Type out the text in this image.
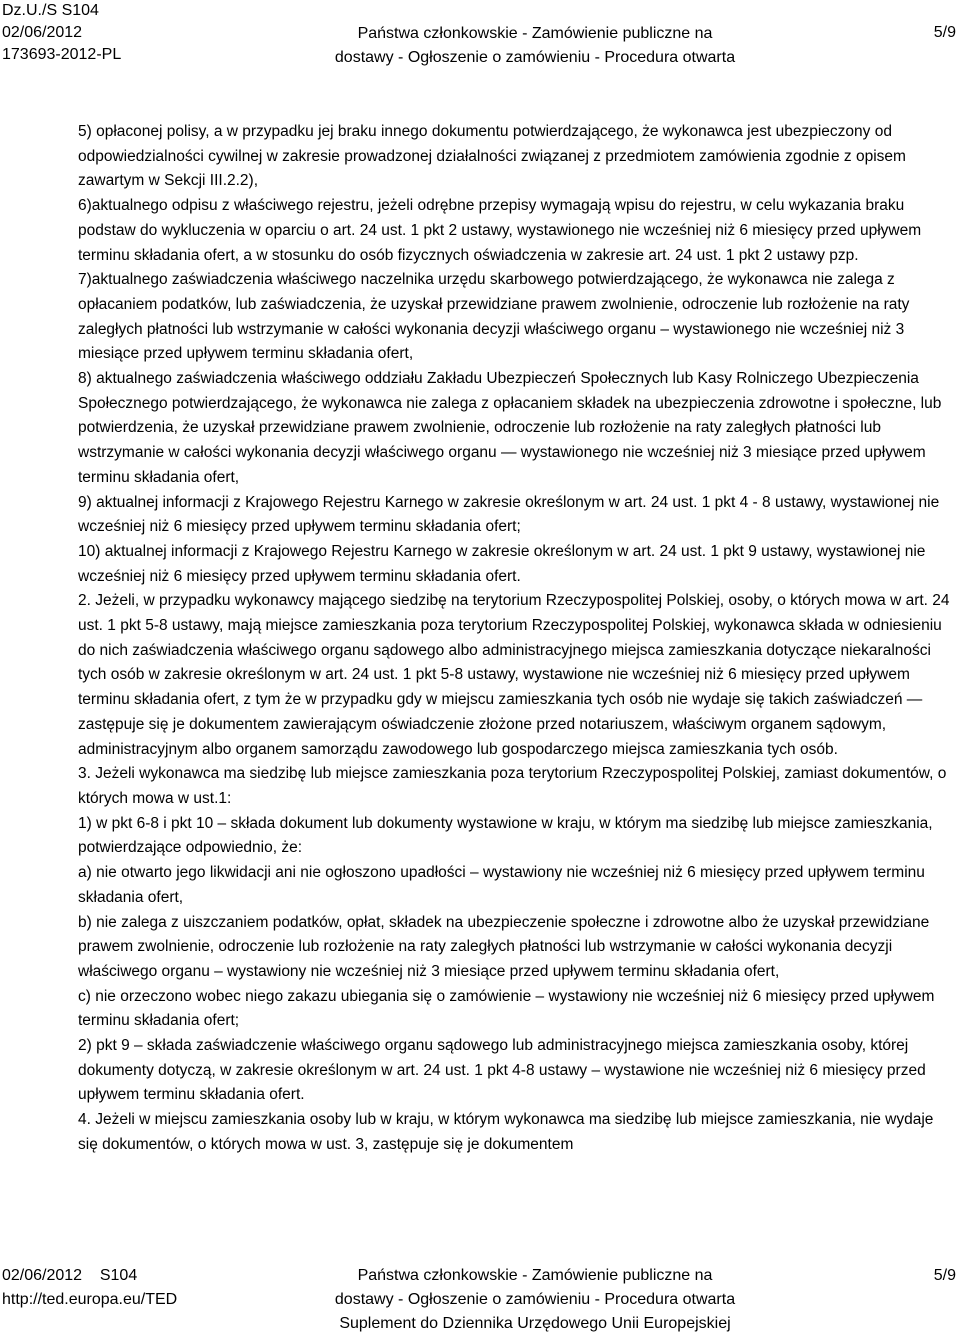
Dz.U./S S104
02/06/2012
173693-2012-PL
Państwa członkowskie - Zamówienie publiczne na
dostawy - Ogłoszenie o zamówieniu - Procedura otwarta
5/9

5) opłaconej polisy, a w przypadku jej braku innego dokumentu potwierdzającego, że wykonawca jest ubezpieczony od odpowiedzialności cywilnej w zakresie prowadzonej działalności związanej z przedmiotem zamówienia zgodnie z opisem zawartym w Sekcji III.2.2),

6)aktualnego odpisu z właściwego rejestru, jeżeli odrębne przepisy wymagają wpisu do rejestru, w celu wykazania braku podstaw do wykluczenia w oparciu o art. 24 ust. 1 pkt 2 ustawy, wystawionego nie wcześniej niż 6 miesięcy przed upływem terminu składania ofert, a w stosunku do osób fizycznych oświadczenia w zakresie art. 24 ust. 1 pkt 2 ustawy pzp.

7)aktualnego zaświadczenia właściwego naczelnika urzędu skarbowego potwierdzającego, że wykonawca nie zalega z opłacaniem podatków, lub zaświadczenia, że uzyskał przewidziane prawem zwolnienie, odroczenie lub rozłożenie na raty zaległych płatności lub wstrzymanie w całości wykonania decyzji właściwego organu – wystawionego nie wcześniej niż 3 miesiące przed upływem terminu składania ofert,

8) aktualnego zaświadczenia właściwego oddziału Zakładu Ubezpieczeń Społecznych lub Kasy Rolniczego Ubezpieczenia Społecznego potwierdzającego, że wykonawca nie zalega z opłacaniem składek na ubezpieczenia zdrowotne i społeczne, lub potwierdzenia, że uzyskał przewidziane prawem zwolnienie, odroczenie lub rozłożenie na raty zaległych płatności lub wstrzymanie w całości wykonania decyzji właściwego organu — wystawionego nie wcześniej niż 3 miesiące przed upływem terminu składania ofert,

9) aktualnej informacji z Krajowego Rejestru Karnego w zakresie określonym w art. 24 ust. 1 pkt 4 - 8 ustawy, wystawionej nie wcześniej niż 6 miesięcy przed upływem terminu składania ofert;

10) aktualnej informacji z Krajowego Rejestru Karnego w zakresie określonym w art. 24 ust. 1 pkt 9 ustawy, wystawionej nie wcześniej niż 6 miesięcy przed upływem terminu składania ofert.

2. Jeżeli, w przypadku wykonawcy mającego siedzibę na terytorium Rzeczypospolitej Polskiej, osoby, o których mowa w art. 24 ust. 1 pkt 5-8 ustawy, mają miejsce zamieszkania poza terytorium Rzeczypospolitej Polskiej, wykonawca składa w odniesieniu do nich zaświadczenia właściwego organu sądowego albo administracyjnego miejsca zamieszkania dotyczące niekaralności tych osób w zakresie określonym w art. 24 ust. 1 pkt 5-8 ustawy, wystawione nie wcześniej niż 6 miesięcy przed upływem terminu składania ofert, z tym że w przypadku gdy w miejscu zamieszkania tych osób nie wydaje się takich zaświadczeń — zastępuje się je dokumentem zawierającym oświadczenie złożone przed notariuszem, właściwym organem sądowym, administracyjnym albo organem samorządu zawodowego lub gospodarczego miejsca zamieszkania tych osób.

3. Jeżeli wykonawca ma siedzibę lub miejsce zamieszkania poza terytorium Rzeczypospolitej Polskiej, zamiast dokumentów, o których mowa w ust.1:

1) w pkt 6-8 i pkt 10 – składa dokument lub dokumenty wystawione w kraju, w którym ma siedzibę lub miejsce zamieszkania, potwierdzające odpowiednio, że:

a) nie otwarto jego likwidacji ani nie ogłoszono upadłości – wystawiony nie wcześniej niż 6 miesięcy przed upływem terminu składania ofert,

b) nie zalega z uiszczaniem podatków, opłat, składek na ubezpieczenie społeczne i zdrowotne albo że uzyskał przewidziane prawem zwolnienie, odroczenie lub rozłożenie na raty zaległych płatności lub wstrzymanie w całości wykonania decyzji właściwego organu – wystawiony nie wcześniej niż 3 miesiące przed upływem terminu składania ofert,

c) nie orzeczono wobec niego zakazu ubiegania się o zamówienie – wystawiony nie wcześniej niż 6 miesięcy przed upływem terminu składania ofert;

2) pkt 9 – składa zaświadczenie właściwego organu sądowego lub administracyjnego miejsca zamieszkania osoby, której dokumenty dotyczą, w zakresie określonym w art. 24 ust. 1 pkt 4-8 ustawy – wystawione nie wcześniej niż 6 miesięcy przed upływem terminu składania ofert.

4. Jeżeli w miejscu zamieszkania osoby lub w kraju, w którym wykonawca ma siedzibę lub miejsce zamieszkania, nie wydaje się dokumentów, o których mowa w ust. 3, zastępuje się je dokumentem

02/06/2012 S104
http://ted.europa.eu/TED
Państwa członkowskie - Zamówienie publiczne na
dostawy - Ogłoszenie o zamówieniu - Procedura otwarta
Suplement do Dziennika Urzędowego Unii Europejskiej
5/9
